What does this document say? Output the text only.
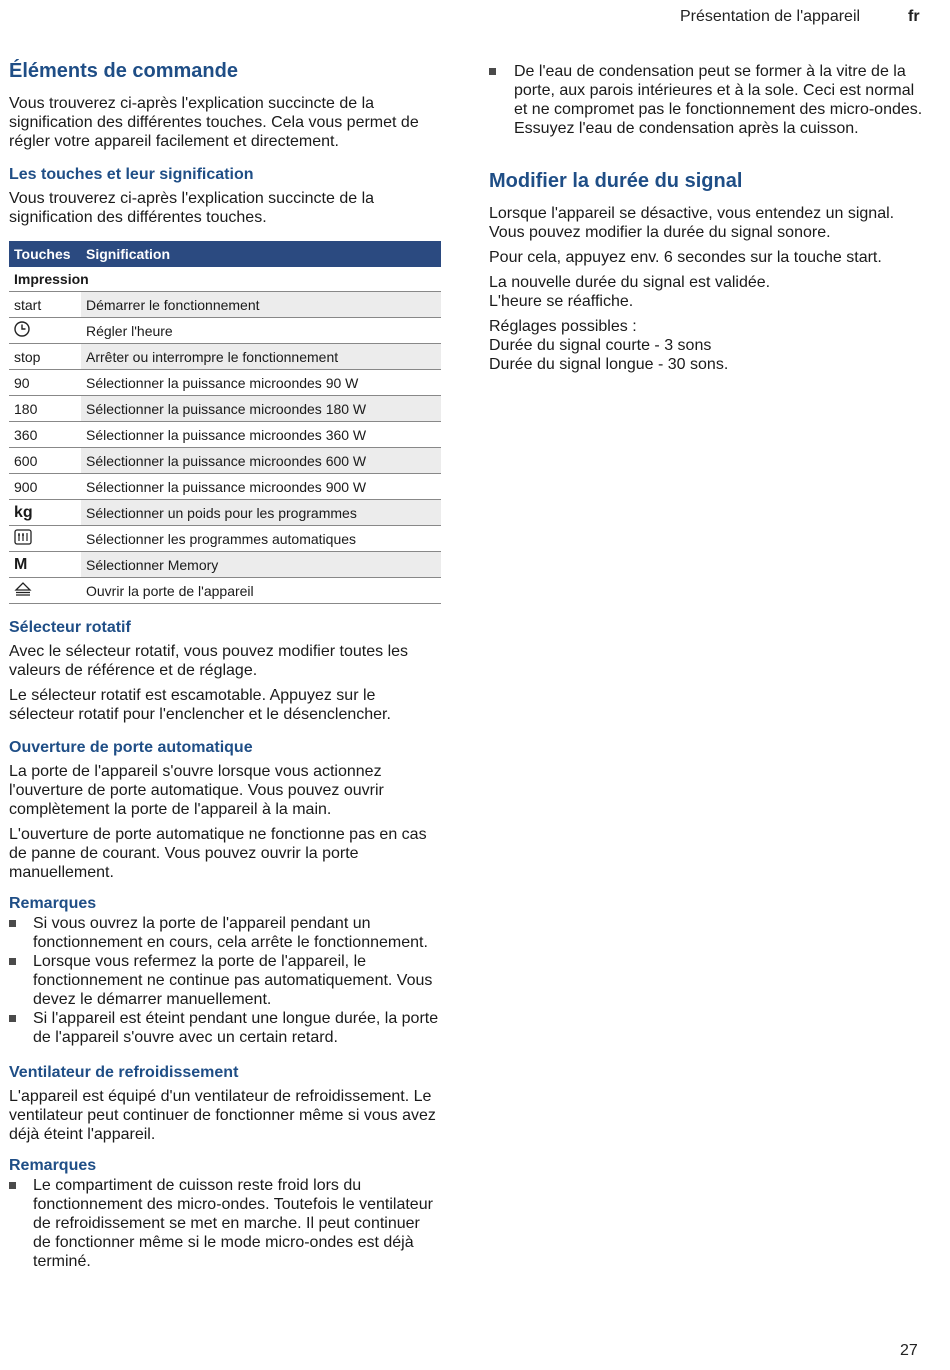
Présentation de l'appareil	fr
Éléments de commande

Vous trouverez ci-après l'explication succincte de la signification des différentes touches. Cela vous permet de régler votre appareil facilement et directement.

Les touches et leur signification

Vous trouverez ci-après l'explication succincte de la signification des différentes touches.

Touches	Signification
Impression	
start	Démarrer le fonctionnement
	Régler l'heure
stop	Arrêter ou interrompre le fonctionnement
90	Sélectionner la puissance microondes 90 W
180	Sélectionner la puissance microondes 180 W
360	Sélectionner la puissance microondes 360 W
600	Sélectionner la puissance microondes 600 W
900	Sélectionner la puissance microondes 900 W
kg	Sélectionner un poids pour les programmes
	Sélectionner les programmes automatiques
M	Sélectionner Memory
	Ouvrir la porte de l'appareil
Sélecteur rotatif

Avec le sélecteur rotatif, vous pouvez modifier toutes les valeurs de référence et de réglage.

Le sélecteur rotatif est escamotable. Appuyez sur le sélecteur rotatif pour l'enclencher et le désenclencher.

Ouverture de porte automatique

La porte de l'appareil s'ouvre lorsque vous actionnez l'ouverture de porte automatique. Vous pouvez ouvrir complètement la porte de l'appareil à la main.

L'ouverture de porte automatique ne fonctionne pas en cas de panne de courant. Vous pouvez ouvrir la porte manuellement.

Remarques
Si vous ouvrez la porte de l'appareil pendant un fonctionnement en cours, cela arrête le fonctionnement.
Lorsque vous refermez la porte de l'appareil, le fonctionnement ne continue pas automatiquement. Vous devez le démarrer manuellement.
Si l'appareil est éteint pendant une longue durée, la porte de l'appareil s'ouvre avec un certain retard.
Ventilateur de refroidissement

L'appareil est équipé d'un ventilateur de refroidissement. Le ventilateur peut continuer de fonctionner même si vous avez déjà éteint l'appareil.

Remarques
Le compartiment de cuisson reste froid lors du fonctionnement des micro-ondes. Toutefois le ventilateur de refroidissement se met en marche. Il peut continuer de fonctionner même si le mode micro-ondes est déjà terminé.
De l'eau de condensation peut se former à la vitre de la porte, aux parois intérieures et à la sole. Ceci est normal et ne compromet pas le fonctionnement des micro-ondes. Essuyez l'eau de condensation après la cuisson.
Modifier la durée du signal

Lorsque l'appareil se désactive, vous entendez un signal. Vous pouvez modifier la durée du signal sonore.

Pour cela, appuyez env. 6 secondes sur la touche start.

La nouvelle durée du signal est validée.

L'heure se réaffiche.

Réglages possibles :

Durée du signal courte - 3 sons

Durée du signal longue - 30 sons.

27
